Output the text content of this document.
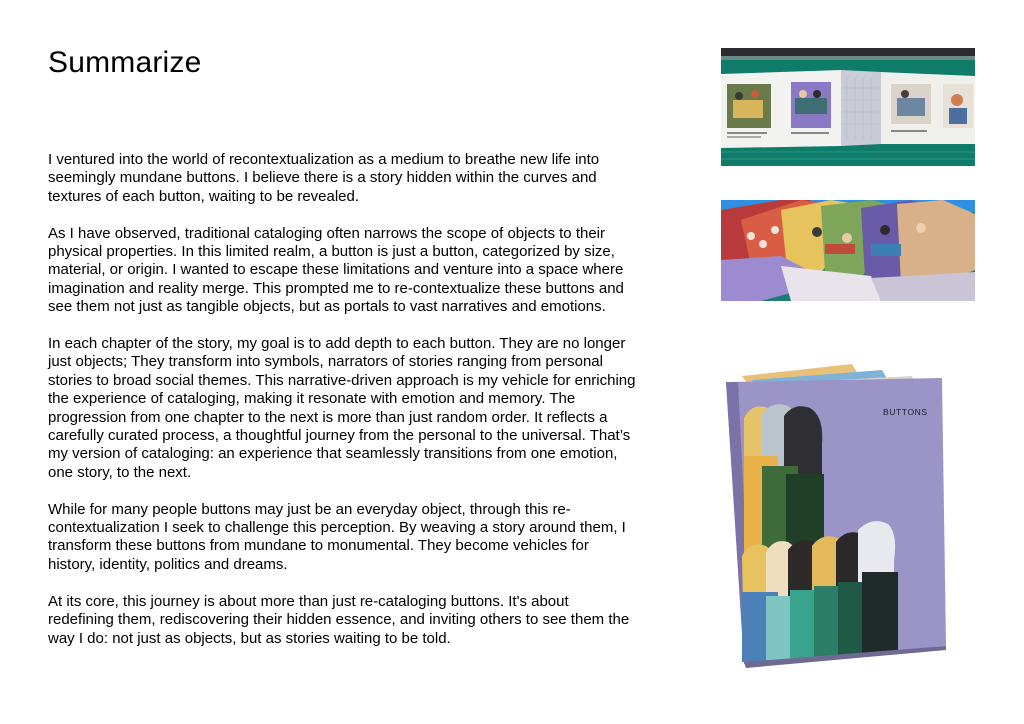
Summarize

I ventured into the world of recontextualization as a medium to breathe new life into seemingly mundane buttons. I believe there is a story hidden within the curves and textures of each button, waiting to be revealed.

As I have observed, traditional cataloging often narrows the scope of objects to their physical properties. In this limited realm, a button is just a button, categorized by size, material, or origin. I wanted to escape these limitations and venture into a space where imagination and reality merge. This prompted me to re-contextualize these buttons and see them not just as tangible objects, but as portals to vast narratives and emotions.

In each chapter of the story, my goal is to add depth to each button. They are no longer just objects; They transform into symbols, narrators of stories ranging from personal stories to broad social themes. This narrative-driven approach is my vehicle for enriching the experience of cataloging, making it resonate with emotion and memory. The progression from one chapter to the next is more than just random order. It reflects a carefully curated process, a thoughtful journey from the personal to the universal. That’s my version of cataloging: an experience that seamlessly transitions from one emotion, one story, to the next.

While for many people buttons may just be an everyday object, through this re-contextualization I seek to challenge this perception. By weaving a story around them, I transform these buttons from mundane to monumental. They become vehicles for history, identity, politics and dreams.

At its core, this journey is about more than just re-cataloging buttons. It's about redefining them, rediscovering their hidden essence, and inviting others to see them the way I do: not just as objects, but as stories waiting to be told.

BUTTONS
